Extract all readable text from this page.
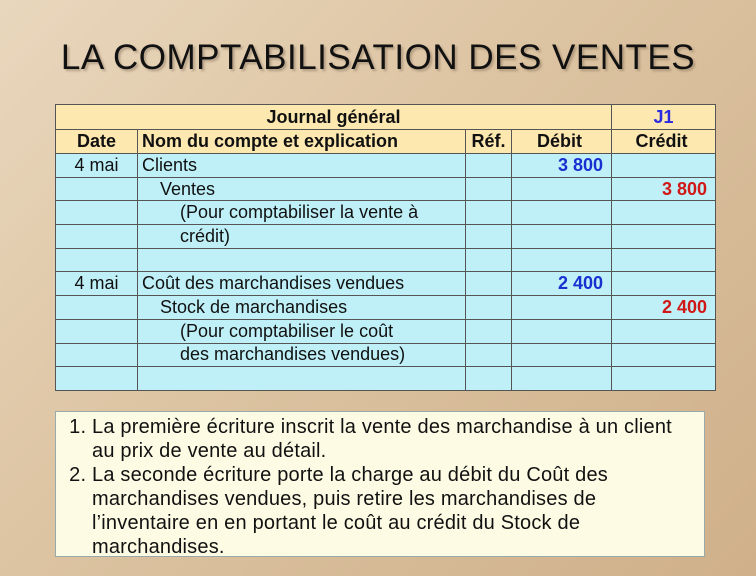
LA COMPTABILISATION DES VENTES
Journal général				J1
Date	Nom du compte et explication	Réf.	Débit	Crédit
4 mai	Clients		3 800	
	Ventes			3 800
	(Pour comptabiliser la vente à			
	crédit)			

4 mai	Coût des marchandises vendues		2 400	
	Stock de marchandises			2 400
	(Pour comptabiliser le coût			
	des marchandises vendues)			

1. La première écriture inscrit la vente des marchandise à un client au prix de vente au détail.
2. La seconde écriture porte la charge au débit du Coût des marchandises vendues, puis retire les marchandises de l’inventaire en en portant le coût au crédit du Stock de marchandises.
